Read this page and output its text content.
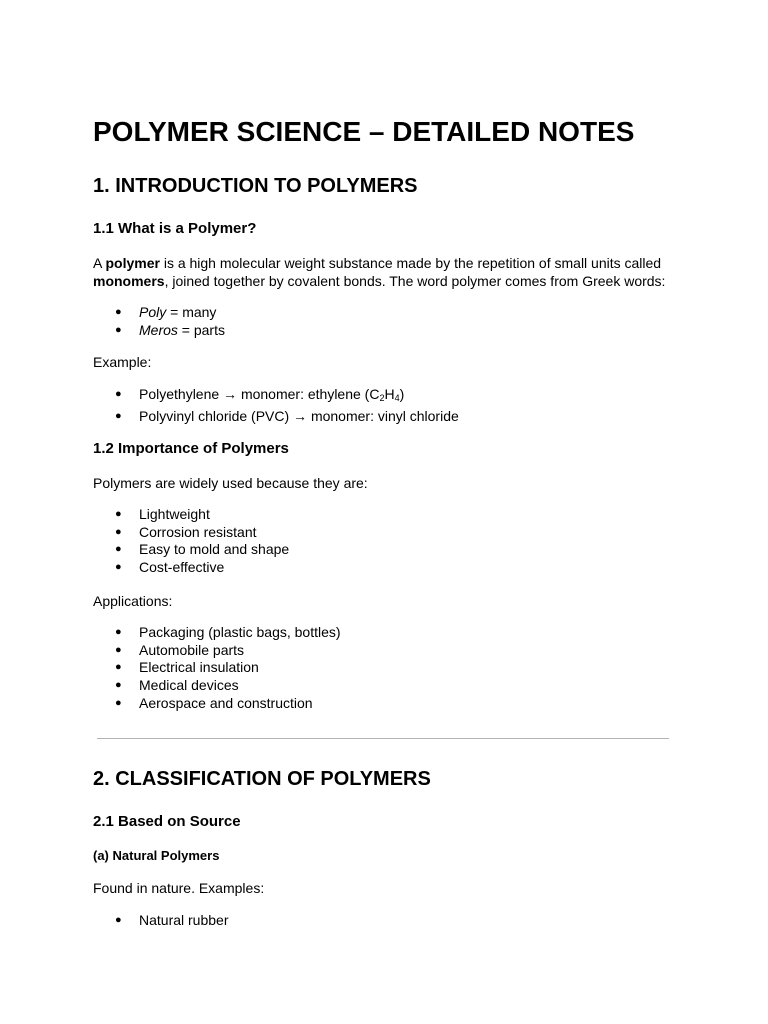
POLYMER SCIENCE – DETAILED NOTES
1. INTRODUCTION TO POLYMERS
1.1 What is a Polymer?

A polymer is a high molecular weight substance made by the repetition of small units called monomers, joined together by covalent bonds. The word polymer comes from Greek words:

● Poly = many
● Meros = parts

Example:

● Polyethylene → monomer: ethylene $(C_2H_4)$
● Polyvinyl chloride (PVC) → monomer: vinyl chloride
1.2 Importance of Polymers

Polymers are widely used because they are:

● Lightweight
● Corrosion resistant
● Easy to mold and shape
● Cost-effective

Applications:

● Packaging (plastic bags, bottles)
● Automobile parts
● Electrical insulation
● Medical devices
● Aerospace and construction
2. CLASSIFICATION OF POLYMERS
2.1 Based on Source
(a) Natural Polymers

Found in nature. Examples:

● Natural rubber
